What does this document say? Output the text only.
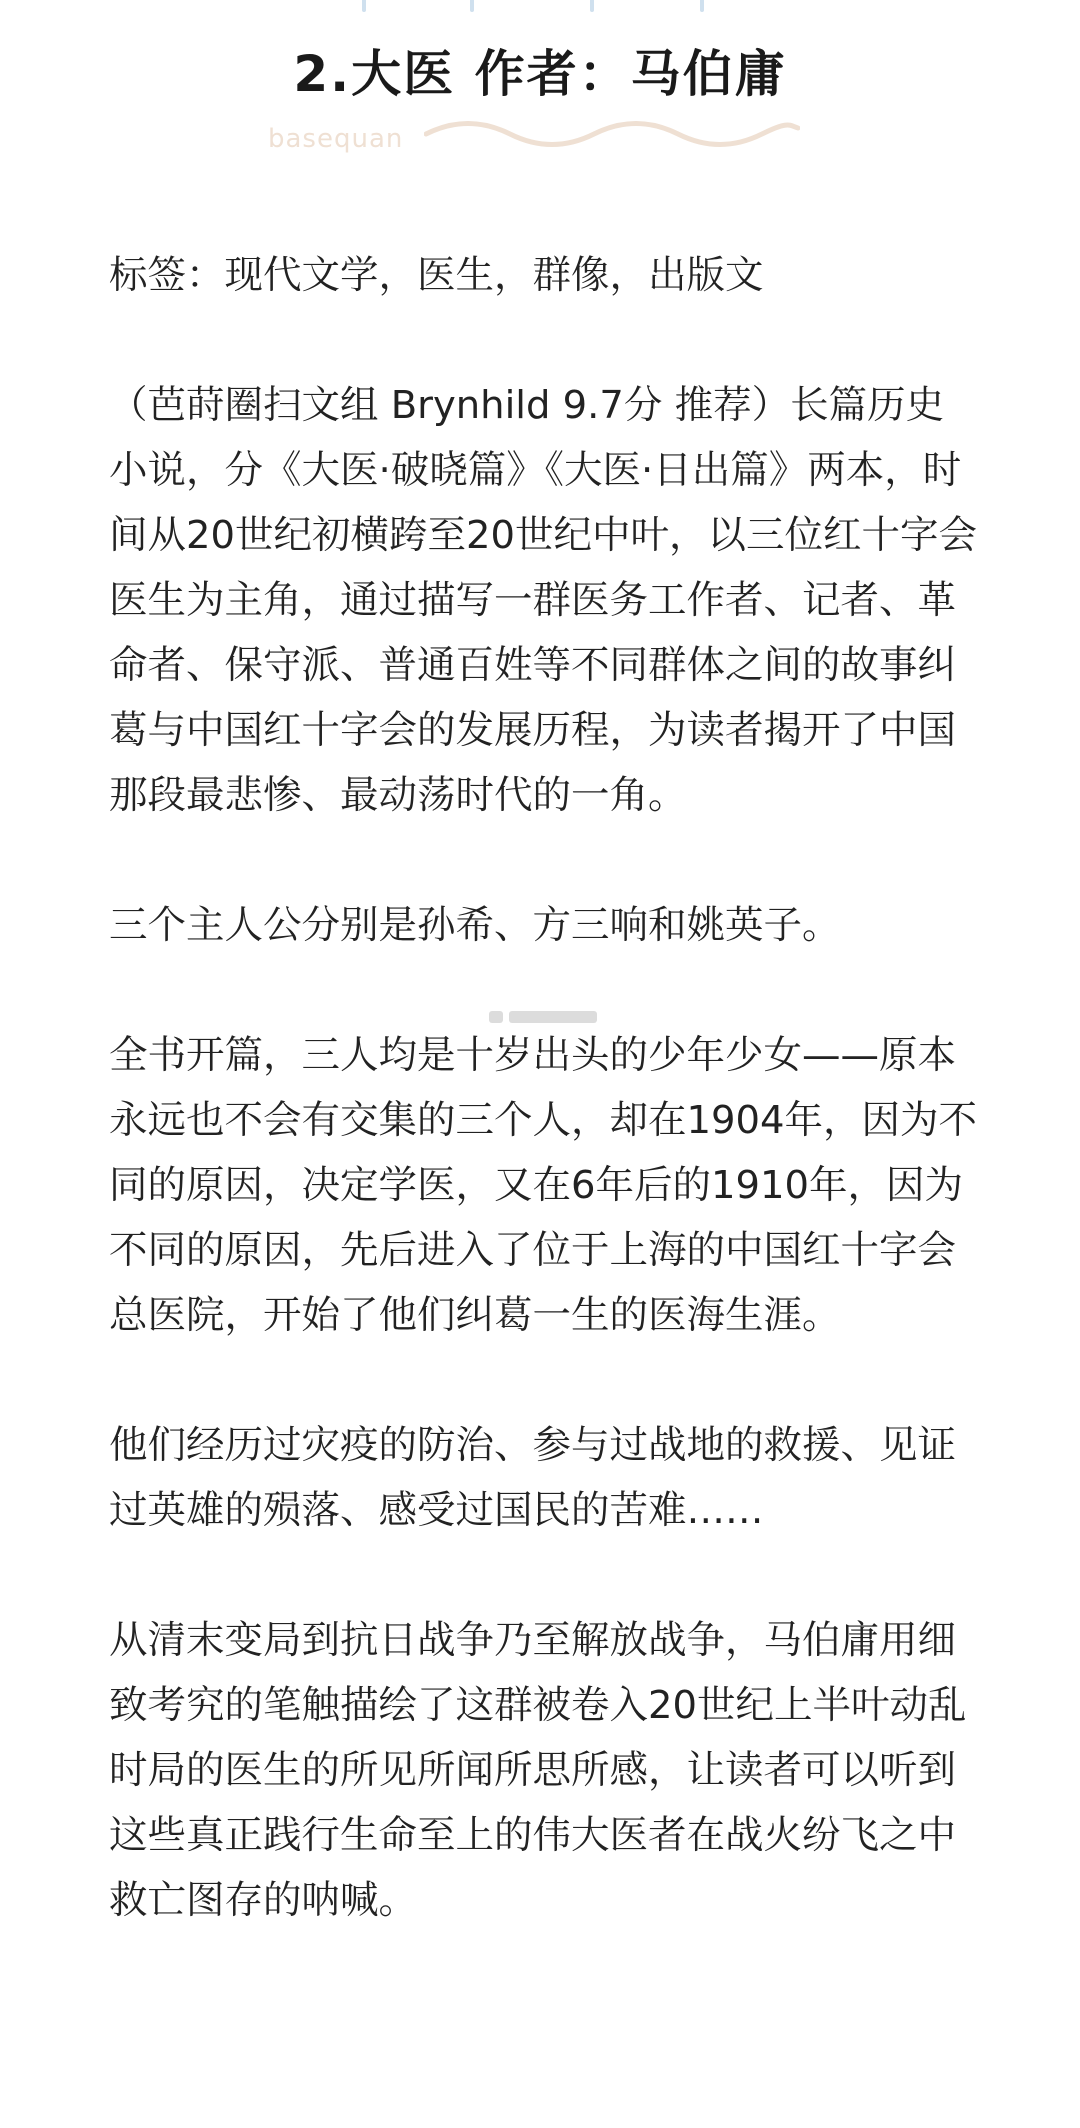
2.大医 作者：马伯庸
basequan

标签：现代文学，医生，群像，出版文

（芭莳圈扫文组 Brynhild 9.7分 推荐）长篇历史小说，分《大医·破晓篇》《大医·日出篇》两本，时间从20世纪初横跨至20世纪中叶，以三位红十字会医生为主角，通过描写一群医务工作者、记者、革命者、保守派、普通百姓等不同群体之间的故事纠葛与中国红十字会的发展历程，为读者揭开了中国那段最悲惨、最动荡时代的一角。

三个主人公分别是孙希、方三响和姚英子。

全书开篇，三人均是十岁出头的少年少女——原本永远也不会有交集的三个人，却在1904年，因为不同的原因，决定学医，又在6年后的1910年，因为不同的原因，先后进入了位于上海的中国红十字会总医院，开始了他们纠葛一生的医海生涯。

他们经历过灾疫的防治、参与过战地的救援、见证过英雄的殒落、感受过国民的苦难……

从清末变局到抗日战争乃至解放战争，马伯庸用细致考究的笔触描绘了这群被卷入20世纪上半叶动乱时局的医生的所见所闻所思所感，让读者可以听到这些真正践行生命至上的伟大医者在战火纷飞之中救亡图存的呐喊。
